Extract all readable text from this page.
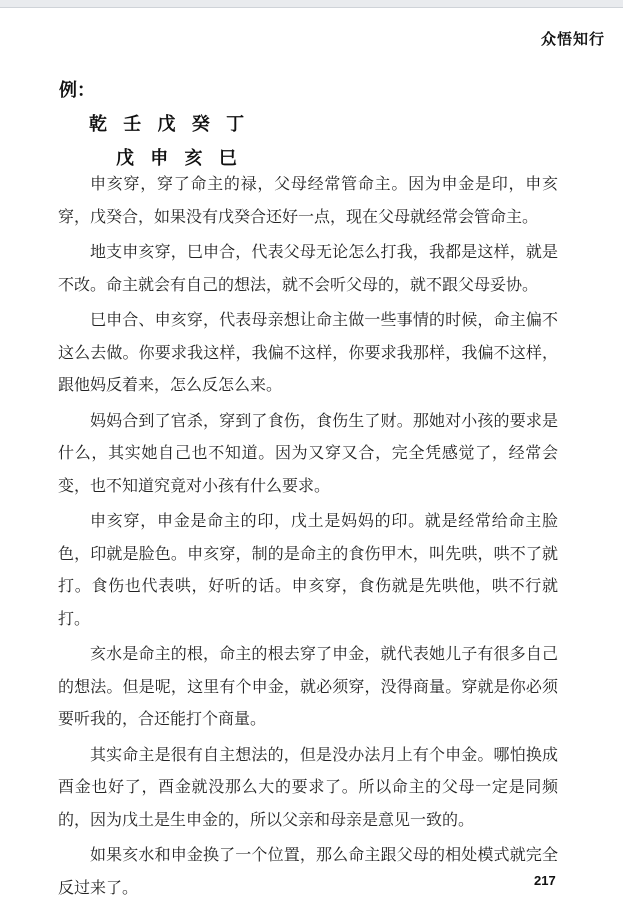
众悟知行
例：
乾 壬 戊 癸 丁
戊 申 亥 巳

申亥穿，穿了命主的禄，父母经常管命主。因为申金是印，申亥穿，戊癸合，如果没有戊癸合还好一点，现在父母就经常会管命主。

地支申亥穿，巳申合，代表父母无论怎么打我，我都是这样，就是不改。命主就会有自己的想法，就不会听父母的，就不跟父母妥协。

巳申合、申亥穿，代表母亲想让命主做一些事情的时候，命主偏不这么去做。你要求我这样，我偏不这样，你要求我那样，我偏不这样，跟他妈反着来，怎么反怎么来。

妈妈合到了官杀，穿到了食伤，食伤生了财。那她对小孩的要求是什么，其实她自己也不知道。因为又穿又合，完全凭感觉了，经常会变，也不知道究竟对小孩有什么要求。

申亥穿，申金是命主的印，戊土是妈妈的印。就是经常给命主脸色，印就是脸色。申亥穿，制的是命主的食伤甲木，叫先哄，哄不了就打。食伤也代表哄，好听的话。申亥穿，食伤就是先哄他，哄不行就打。

亥水是命主的根，命主的根去穿了申金，就代表她儿子有很多自己的想法。但是呢，这里有个申金，就必须穿，没得商量。穿就是你必须要听我的，合还能打个商量。

其实命主是很有自主想法的，但是没办法月上有个申金。哪怕换成酉金也好了，酉金就没那么大的要求了。所以命主的父母一定是同频的，因为戊土是生申金的，所以父亲和母亲是意见一致的。

如果亥水和申金换了一个位置，那么命主跟父母的相处模式就完全反过来了。	217
